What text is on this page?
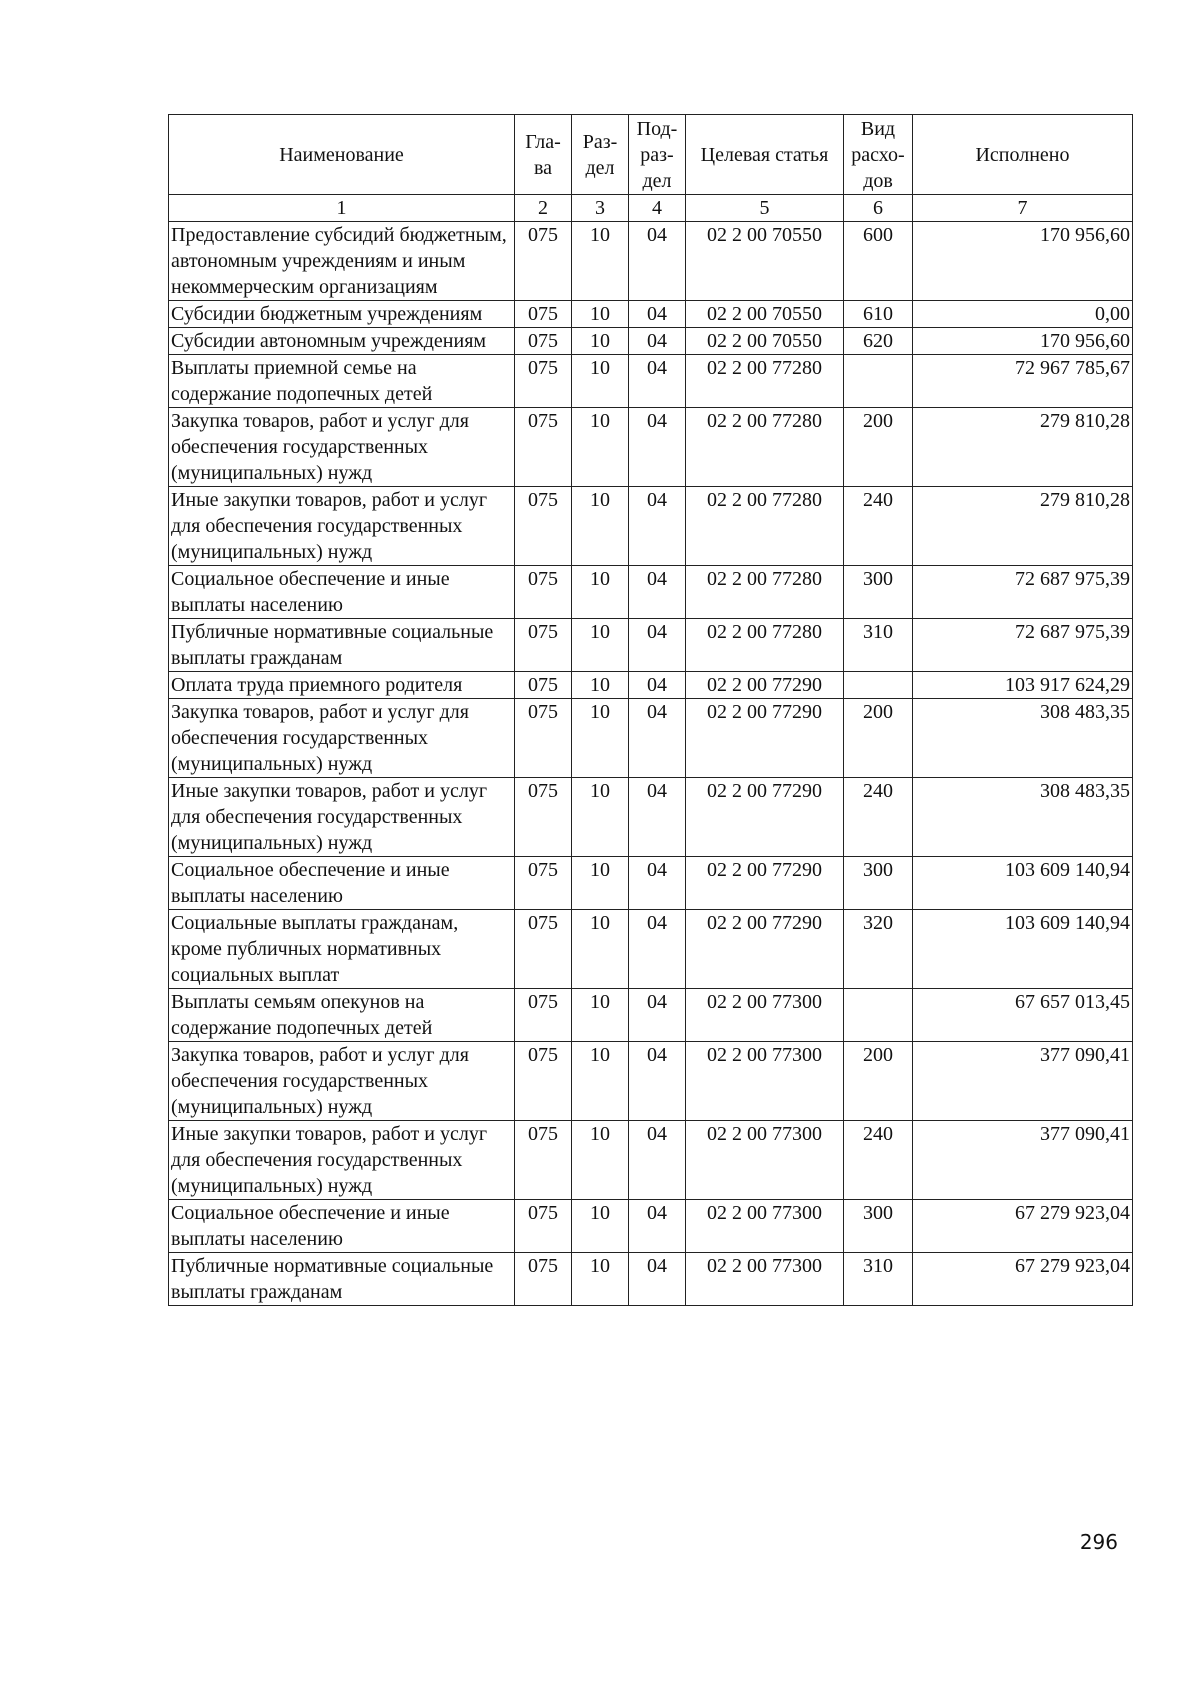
Наименование	Гла-ва	Раз-дел	Под-раз-дел	Целевая статья	Вид расхо-дов	Исполнено
1	2	3	4	5	6	7
Предоставление субсидий бюджетным, автономным учреждениям и иным некоммерческим организациям	075	10	04	02 2 00 70550	600	170 956,60
Субсидии бюджетным учреждениям	075	10	04	02 2 00 70550	610	0,00
Субсидии автономным учреждениям	075	10	04	02 2 00 70550	620	170 956,60
Выплаты приемной семье на содержание подопечных детей	075	10	04	02 2 00 77280		72 967 785,67
Закупка товаров, работ и услуг для обеспечения государственных (муниципальных) нужд	075	10	04	02 2 00 77280	200	279 810,28
Иные закупки товаров, работ и услуг для обеспечения государственных (муниципальных) нужд	075	10	04	02 2 00 77280	240	279 810,28
Социальное обеспечение и иные выплаты населению	075	10	04	02 2 00 77280	300	72 687 975,39
Публичные нормативные социальные выплаты гражданам	075	10	04	02 2 00 77280	310	72 687 975,39
Оплата труда приемного родителя	075	10	04	02 2 00 77290		103 917 624,29
Закупка товаров, работ и услуг для обеспечения государственных (муниципальных) нужд	075	10	04	02 2 00 77290	200	308 483,35
Иные закупки товаров, работ и услуг для обеспечения государственных (муниципальных) нужд	075	10	04	02 2 00 77290	240	308 483,35
Социальное обеспечение и иные выплаты населению	075	10	04	02 2 00 77290	300	103 609 140,94
Социальные выплаты гражданам, кроме публичных нормативных социальных выплат	075	10	04	02 2 00 77290	320	103 609 140,94
Выплаты семьям опекунов на содержание подопечных детей	075	10	04	02 2 00 77300		67 657 013,45
Закупка товаров, работ и услуг для обеспечения государственных (муниципальных) нужд	075	10	04	02 2 00 77300	200	377 090,41
Иные закупки товаров, работ и услуг для обеспечения государственных (муниципальных) нужд	075	10	04	02 2 00 77300	240	377 090,41
Социальное обеспечение и иные выплаты населению	075	10	04	02 2 00 77300	300	67 279 923,04
Публичные нормативные социальные выплаты гражданам	075	10	04	02 2 00 77300	310	67 279 923,04
296
